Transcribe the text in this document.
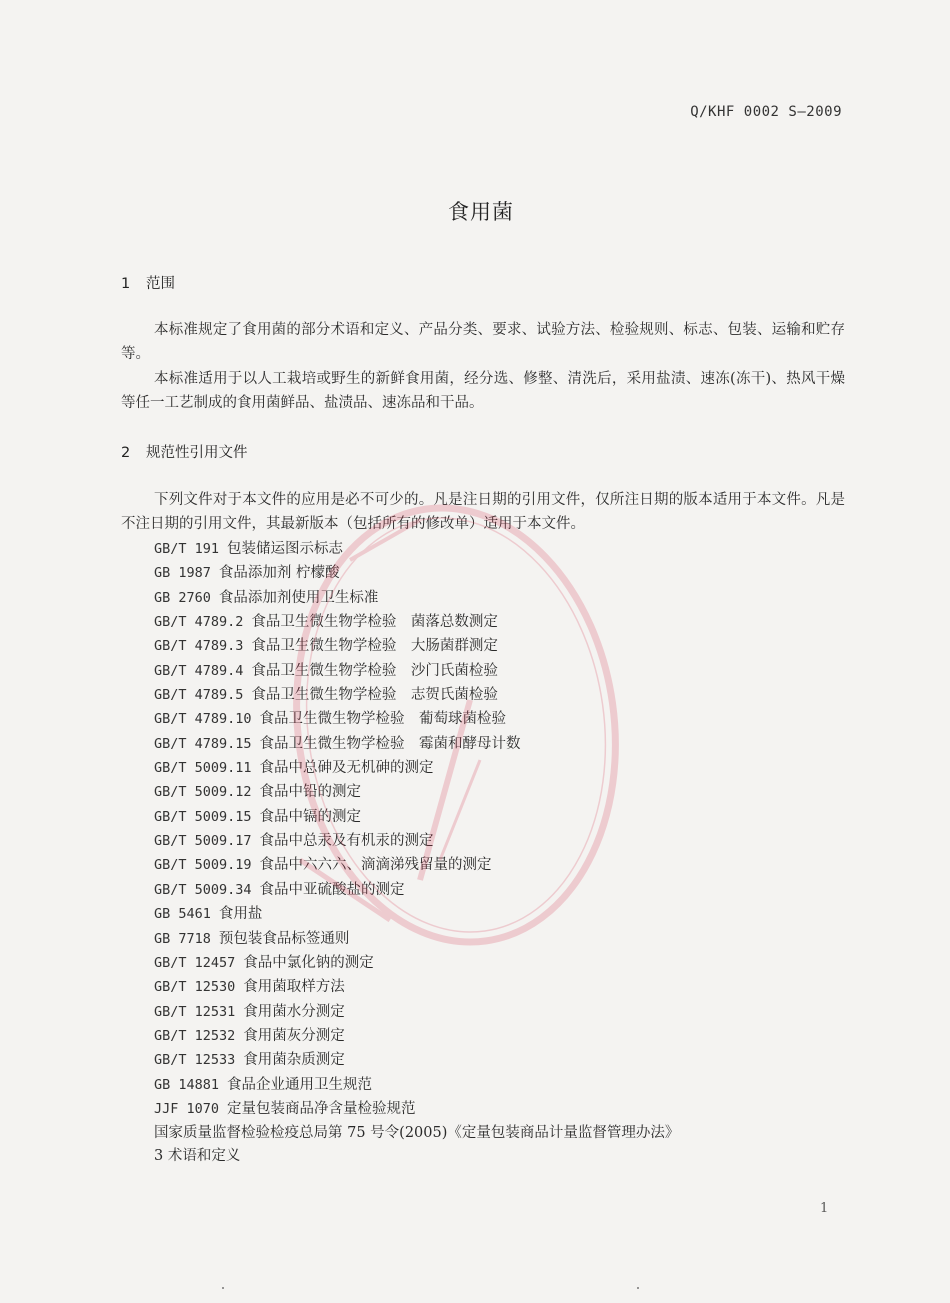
Q/KHF 0002 S—2009
食用菌
1 范围
本标准规定了食用菌的部分术语和定义、产品分类、要求、试验方法、检验规则、标志、包装、运输和贮存等。
本标准适用于以人工栽培或野生的新鲜食用菌，经分选、修整、清洗后，采用盐渍、速冻(冻干)、热风干燥等任一工艺制成的食用菌鲜品、盐渍品、速冻品和干品。
2 规范性引用文件
下列文件对于本文件的应用是必不可少的。凡是注日期的引用文件，仅所注日期的版本适用于本文件。凡是不注日期的引用文件，其最新版本（包括所有的修改单）适用于本文件。
GB/T 191 包装储运图示标志
GB 1987 食品添加剂 柠檬酸
GB 2760 食品添加剂使用卫生标准
GB/T 4789.2 食品卫生微生物学检验　菌落总数测定
GB/T 4789.3 食品卫生微生物学检验　大肠菌群测定
GB/T 4789.4 食品卫生微生物学检验　沙门氏菌检验
GB/T 4789.5 食品卫生微生物学检验　志贺氏菌检验
GB/T 4789.10 食品卫生微生物学检验　葡萄球菌检验
GB/T 4789.15 食品卫生微生物学检验　霉菌和酵母计数
GB/T 5009.11 食品中总砷及无机砷的测定
GB/T 5009.12 食品中铅的测定
GB/T 5009.15 食品中镉的测定
GB/T 5009.17 食品中总汞及有机汞的测定
GB/T 5009.19 食品中六六六、滴滴涕残留量的测定
GB/T 5009.34 食品中亚硫酸盐的测定
GB 5461 食用盐
GB 7718 预包装食品标签通则
GB/T 12457 食品中氯化钠的测定
GB/T 12530 食用菌取样方法
GB/T 12531 食用菌水分测定
GB/T 12532 食用菌灰分测定
GB/T 12533 食用菌杂质测定
GB 14881 食品企业通用卫生规范
JJF 1070 定量包装商品净含量检验规范
国家质量监督检验检疫总局第 75 号令(2005)《定量包装商品计量监督管理办法》
3 术语和定义
1
